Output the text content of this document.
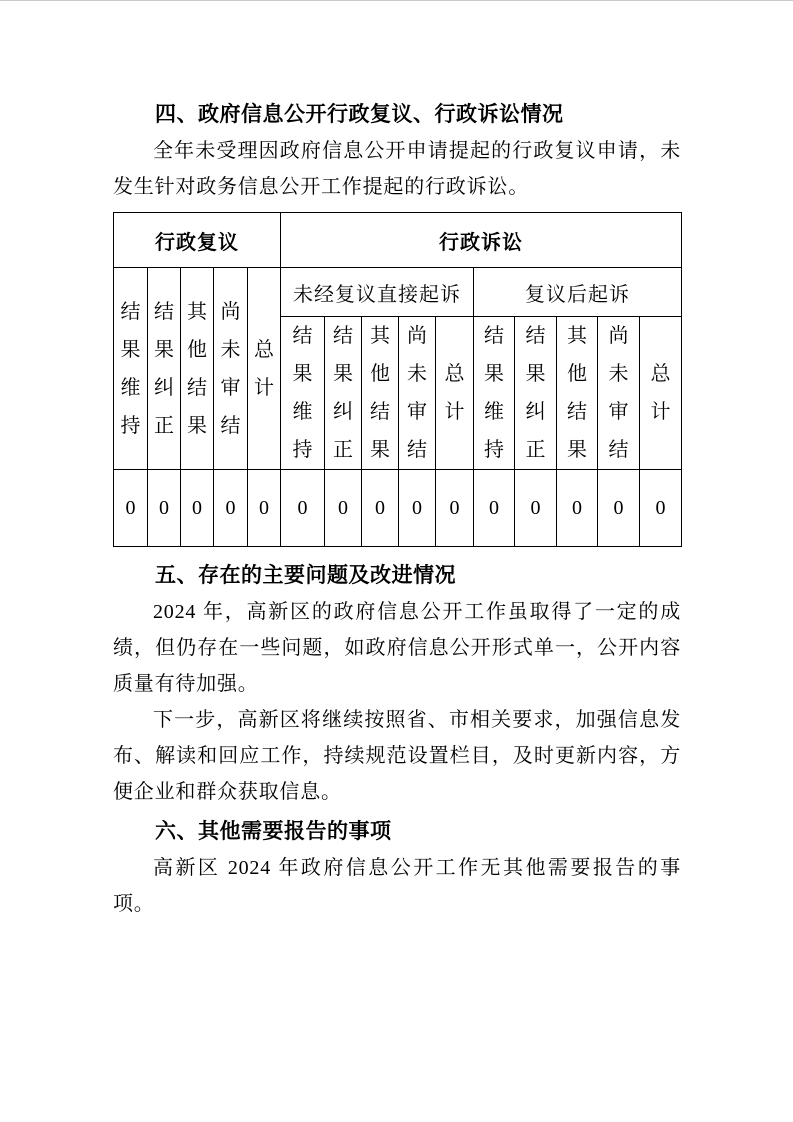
四、政府信息公开行政复议、行政诉讼情况

全年未受理因政府信息公开申请提起的行政复议申请，未发生针对政务信息公开工作提起的行政诉讼。

行政复议					行政诉讼									

结果维持	结果纠正	其他结果	尚未审结	总计	未经复议直接起诉					复议后起诉				

					结果维持	结果纠正	其他结果	尚未审结	总计	结果维持	结果纠正	其他结果	尚未审结	总计

0	0	0	0	0	0	0	0	0	0	0	0	0	0	0
五、存在的主要问题及改进情况

2024 年，高新区的政府信息公开工作虽取得了一定的成绩，但仍存在一些问题，如政府信息公开形式单一，公开内容质量有待加强。

下一步，高新区将继续按照省、市相关要求，加强信息发布、解读和回应工作，持续规范设置栏目，及时更新内容，方便企业和群众获取信息。

六、其他需要报告的事项

高新区 2024 年政府信息公开工作无其他需要报告的事项。
